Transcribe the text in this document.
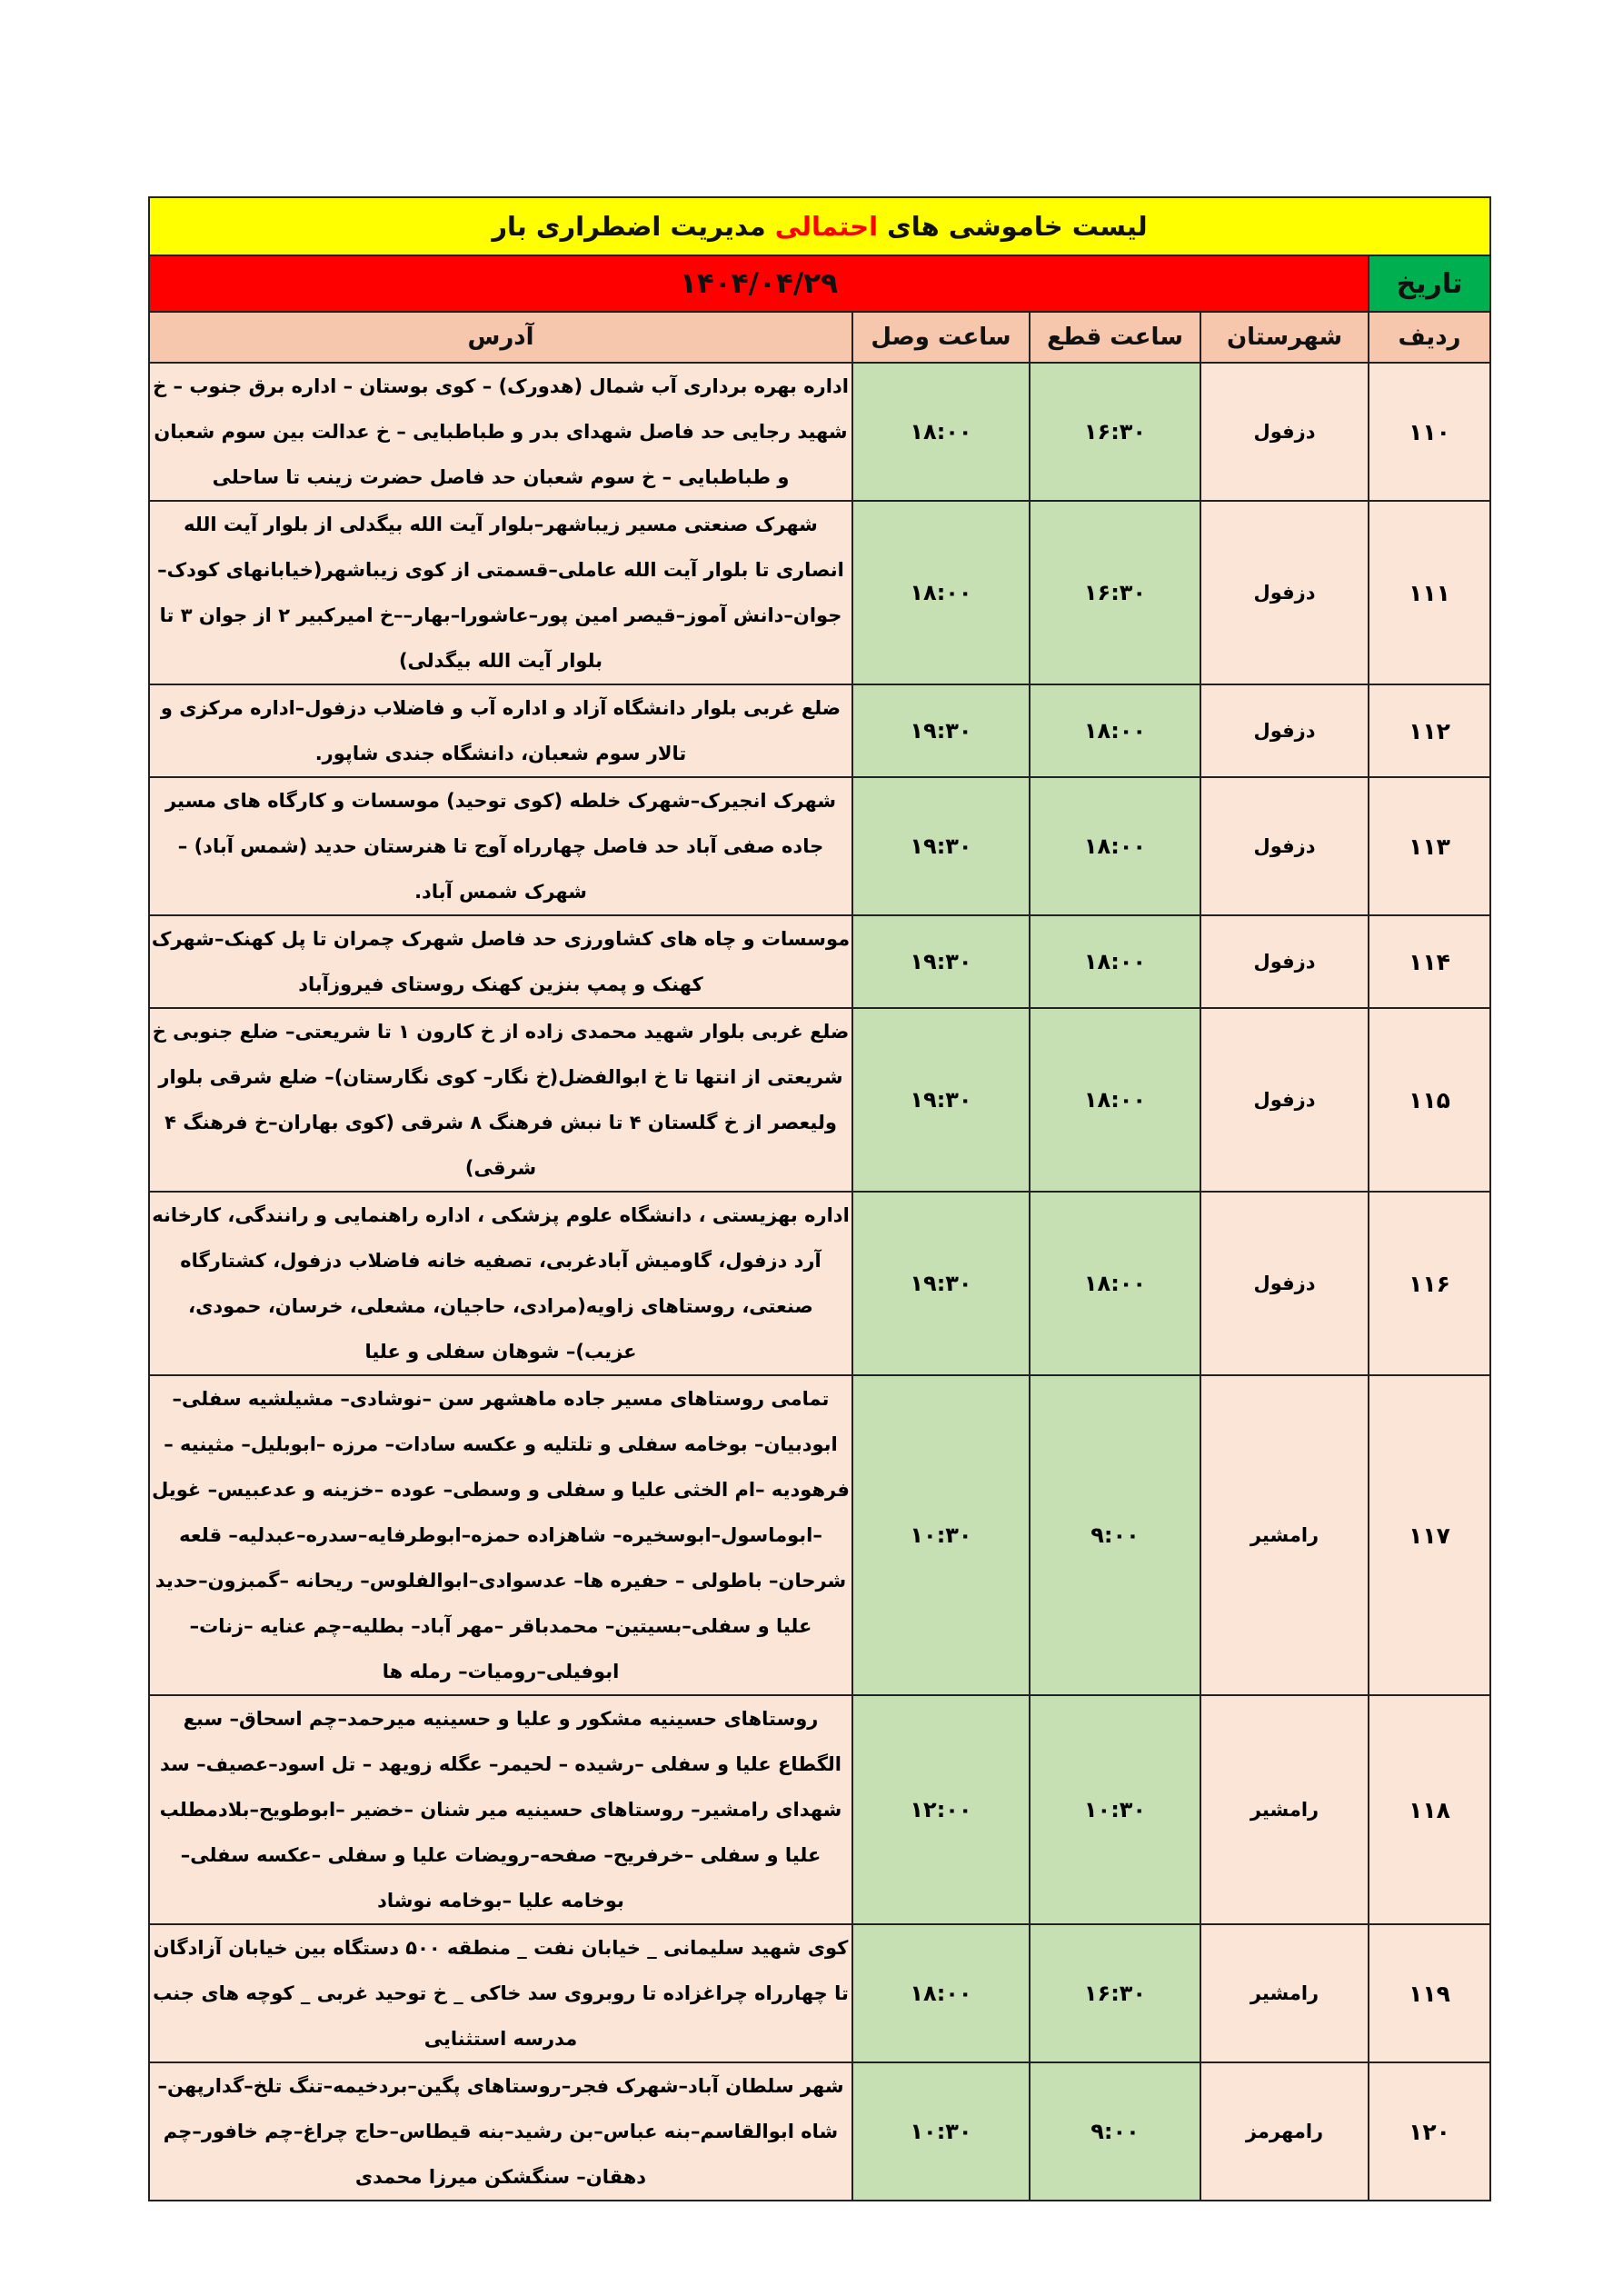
لیست خاموشی های احتمالی مدیریت اضطراری بار				
تاریخ	۱۴۰۴/۰۴/۲۹			
ردیف	شهرستان	ساعت قطع	ساعت وصل	آدرس
۱۱۰	دزفول	۱۶:۳۰	۱۸:۰۰	اداره بهره برداری آب شمال (هدورک) – کوی بوستان – اداره برق جنوب – خ شهید رجایی حد فاصل شهدای بدر و طباطبایی – خ عدالت بین سوم شعبان و طباطبایی – خ سوم شعبان حد فاصل حضرت زینب تا ساحلی
۱۱۱	دزفول	۱۶:۳۰	۱۸:۰۰	شهرک صنعتی مسیر زیباشهر–بلوار آیت الله بیگدلی از بلوار آیت الله انصاری تا بلوار آیت الله عاملی–قسمتی از کوی زیباشهر(خیابانهای کودک–جوان–دانش آموز–قیصر امین پور–عاشورا–بهار––خ امیرکبیر ۲ از جوان ۳ تا بلوار آیت الله بیگدلی)
۱۱۲	دزفول	۱۸:۰۰	۱۹:۳۰	ضلع غربی بلوار دانشگاه آزاد و اداره آب و فاضلاب دزفول–اداره مرکزی و تالار سوم شعبان، دانشگاه جندی شاپور.
۱۱۳	دزفول	۱۸:۰۰	۱۹:۳۰	شهرک انجیرک–شهرک خلطه (کوی توحید) موسسات و کارگاه های مسیر جاده صفی آباد حد فاصل چهارراه آوج تا هنرستان حدید (شمس آباد) – شهرک شمس آباد.
۱۱۴	دزفول	۱۸:۰۰	۱۹:۳۰	موسسات و چاه های کشاورزی حد فاصل شهرک چمران تا پل کهنک–شهرک کهنک و پمپ بنزین کهنک روستای فیروزآباد
۱۱۵	دزفول	۱۸:۰۰	۱۹:۳۰	ضلع غربی بلوار شهید محمدی زاده از خ کارون ۱ تا شریعتی– ضلع جنوبی خ شریعتی از انتها تا خ ابوالفضل(خ نگار– کوی نگارستان)– ضلع شرقی بلوار ولیعصر از خ گلستان ۴ تا نبش فرهنگ ۸ شرقی (کوی بهاران–خ فرهنگ ۴ شرقی)
۱۱۶	دزفول	۱۸:۰۰	۱۹:۳۰	اداره بهزیستی ، دانشگاه علوم پزشکی ، اداره راهنمایی و رانندگی، کارخانه آرد دزفول، گاومیش آبادغربی، تصفیه خانه فاضلاب دزفول، کشتارگاه صنعتی، روستاهای زاویه(مرادی، حاجیان، مشعلی، خرسان، حمودی، عزیب)– شوهان سفلی و علیا
۱۱۷	رامشیر	۹:۰۰	۱۰:۳۰	تمامی روستاهای مسیر جاده ماهشهر سن –نوشادی– مشیلشیه سفلی– ابودبیان– بوخامه سفلی و تلتلیه و عکسه سادات– مرزه –ابوبلیل– مثینیه – فرهودیه –ام الخثی علیا و سفلی و وسطی– عوده –خزینه و عدعبیس– غویل –ابوماسول–ابوسخیره– شاهزاده حمزه–ابوطرفایه–سدره–عبدلیه– قلعه شرحان– باطولی – حفیره ها– عدسوادی–ابوالفلوس– ریحانه –گمبزون–حدید علیا و سفلی–بسیتین– محمدباقر –مهر آباد– بطلیه–چم عنایه –زنات–ابوفیلی–رومیات– رمله ها
۱۱۸	رامشیر	۱۰:۳۰	۱۲:۰۰	روستاهای حسینیه مشکور و علیا و حسینیه میرحمد–چم اسحاق– سبع الگطاع علیا و سفلی –رشیده – لحیمر– عگله زویهد – تل اسود–عصیف– سد شهدای رامشیر– روستاهای حسینیه میر شنان –خضیر –ابوطویح–بلادمطلب علیا و سفلی –خرفریح– صفحه–رویضات علیا و سفلی –عکسه سفلی–بوخامه علیا –بوخامه نوشاد
۱۱۹	رامشیر	۱۶:۳۰	۱۸:۰۰	کوی شهید سلیمانی _ خیابان نفت _ منطقه ۵۰۰ دستگاه بین خیابان آزادگان تا چهارراه چراغزاده تا روبروی سد خاکی _ خ توحید غربی _ کوچه های جنب مدرسه استثنایی
۱۲۰	رامهرمز	۹:۰۰	۱۰:۳۰	شهر سلطان آباد–شهرک فجر–روستاهای پگین–بردخیمه–تنگ تلخ–گدارپهن–شاه ابوالقاسم–بنه عباس–بن رشید–بنه قیطاس–حاج چراغ–چم خافور–چم دهقان– سنگشکن میرزا محمدی
